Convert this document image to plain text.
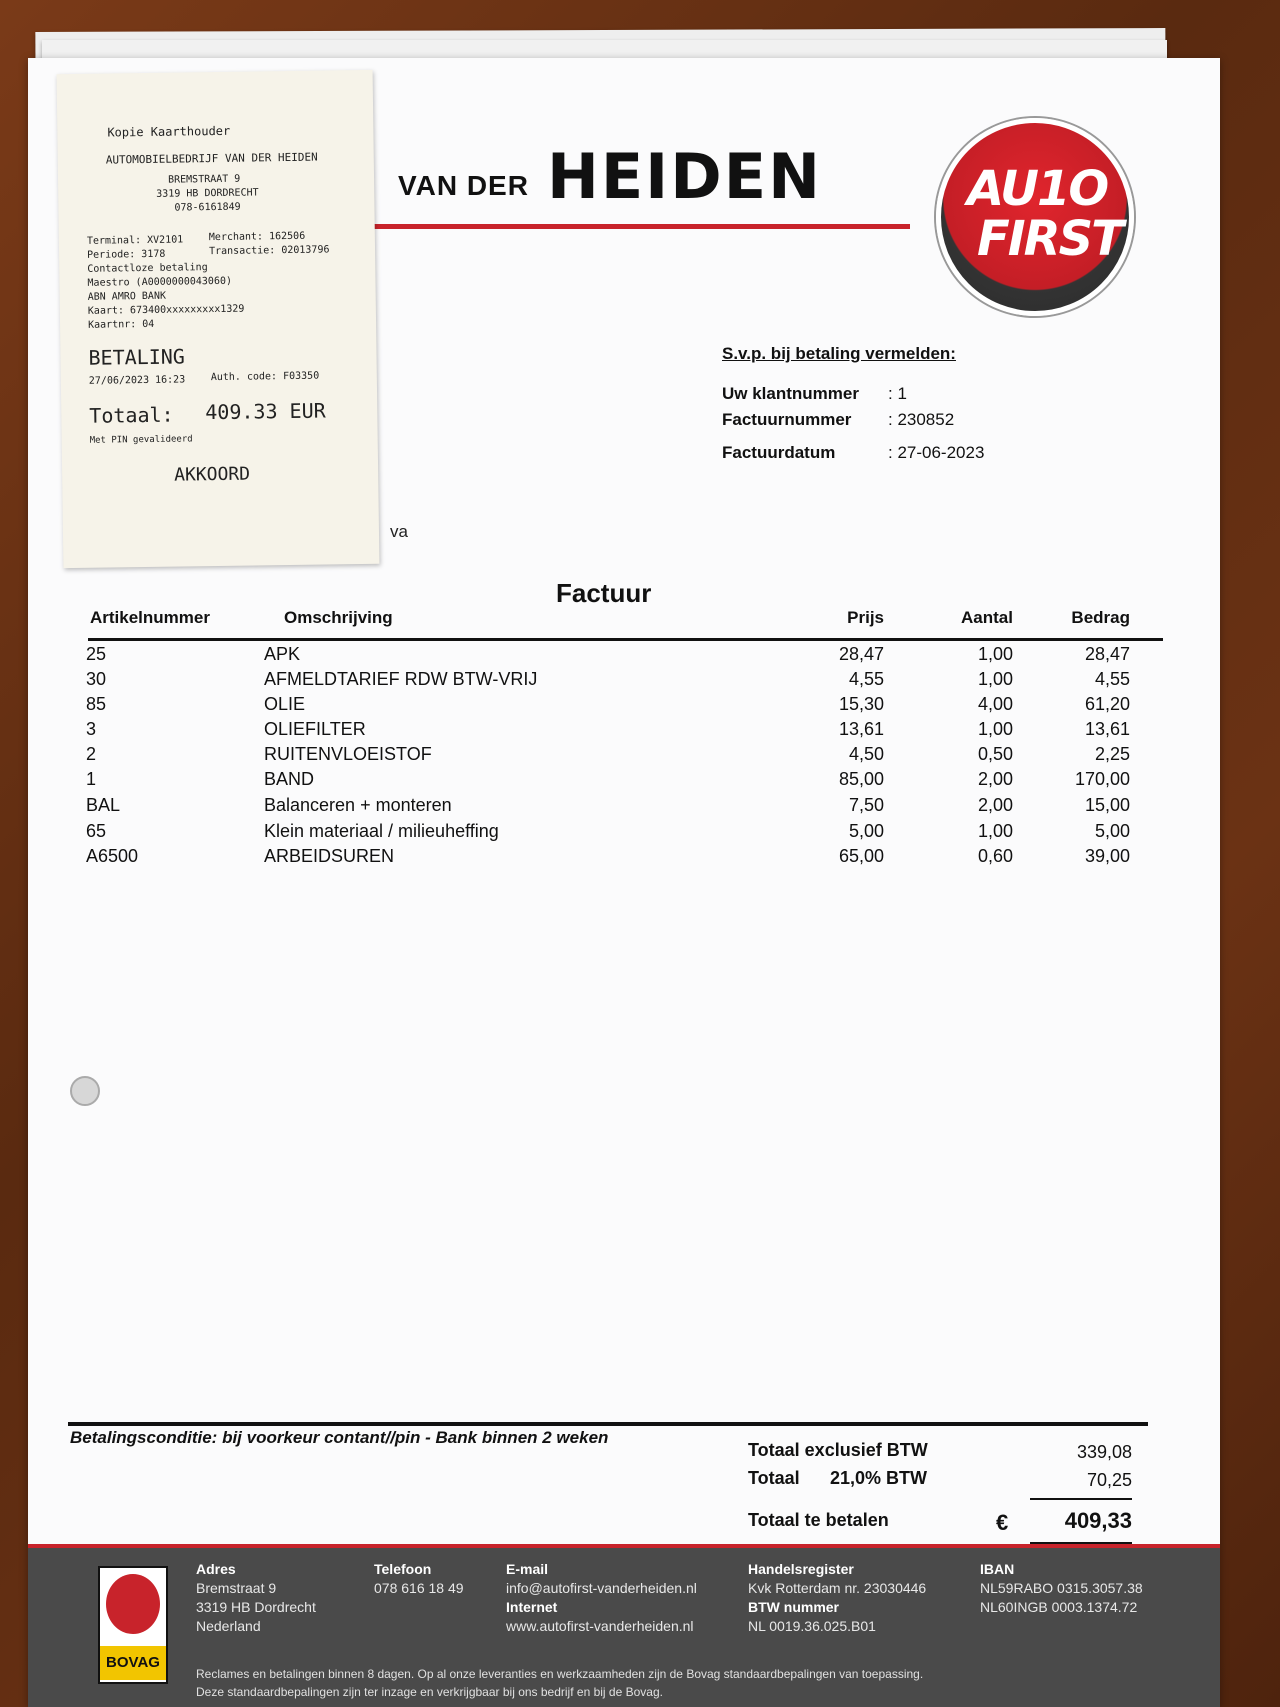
VAN DER HEIDEN	AU1O
FIRST
S.v.p. bij betaling vermelden:
Uw klantnummer : 1
Factuurnummer : 230852
Factuurdatum	: 27-06-2023
va
Factuur
Artikelnummer	Omschrijving	Prijs	Aantal	Bedrag
25	APK	28,47	1,00	28,47
30	AFMELDTARIEF RDW BTW-VRIJ	4,55	1,00	4,55
85	OLIE	15,30	4,00	61,20
3	OLIEFILTER	13,61	1,00	13,61
2	RUITENVLOEISTOF	4,50	0,50	2,25
1	BAND	85,00	2,00	170,00
BAL	Balanceren + monteren	7,50	2,00	15,00
65	Klein materiaal / milieuheffing	5,00	1,00	5,00
A6500	ARBEIDSUREN	65,00	0,60	39,00
Betalingsconditie: bij voorkeur contant//pin - Bank binnen 2 weken
Totaal exclusief BTW	339,08
Totaal 21,0% BTW	70,25
Totaal te betalen	€	409,33
BOVAG
Adres
Bremstraat 9
3319 HB Dordrecht
Nederland
Telefoon
078 616 18 49
E-mail
info@autofirst-vanderheiden.nl
Internet
www.autofirst-vanderheiden.nl
Handelsregister
Kvk Rotterdam nr. 23030446
BTW nummer
NL 0019.36.025.B01
IBAN
NL59RABO 0315.3057.38
NL60INGB 0003.1374.72
Reclames en betalingen binnen 8 dagen. Op al onze leveranties en werkzaamheden zijn de Bovag standaardbepalingen van toepassing.
Deze standaardbepalingen zijn ter inzage en verkrijgbaar bij ons bedrijf en bij de Bovag.
Kopie Kaarthouder
AUTOMOBIELBEDRIJF VAN DER HEIDEN
BREMSTRAAT 9
3319 HB DORDRECHT
078-6161849
Terminal: XV2101	Merchant: 162506
Periode: 3178	Transactie: 02013796
Contactloze betaling
Maestro (A0000000043060)
ABN AMRO BANK
Kaart: 673400xxxxxxxxx1329
Kaartnr: 04
BETALING
27/06/2023 16:23	Auth. code: F03350
Totaal: 409.33 EUR
Met PIN gevalideerd
AKKOORD
